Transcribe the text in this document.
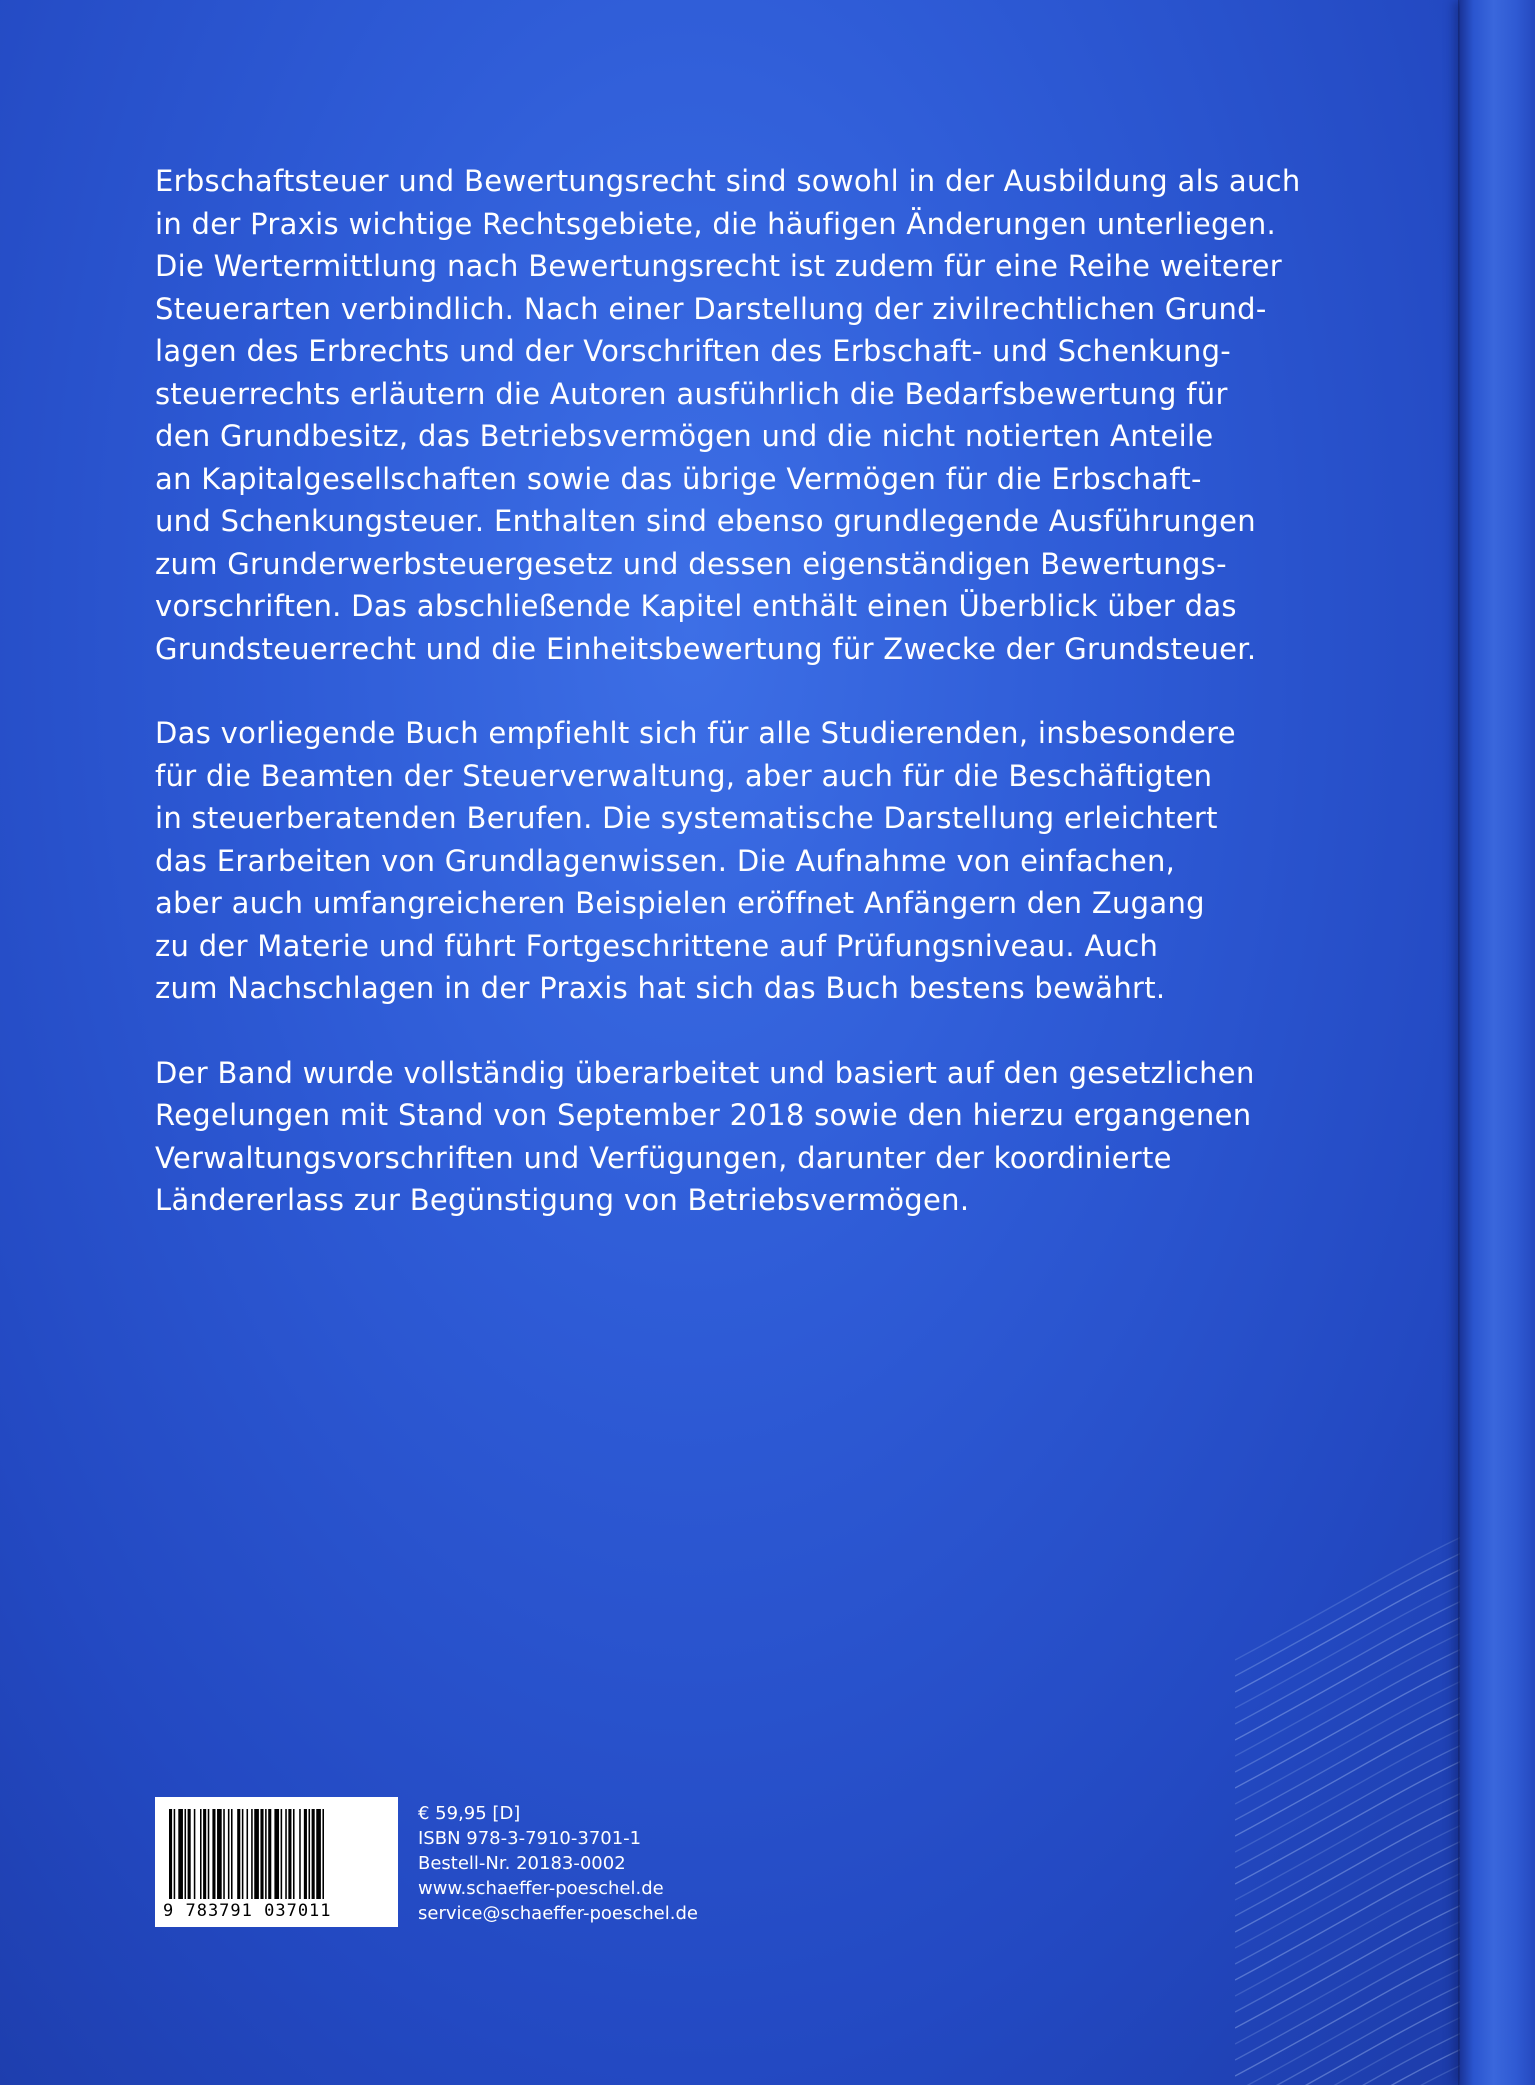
Erbschaftsteuer und Bewertungsrecht sind sowohl in der Ausbildung als auch
in der Praxis wichtige Rechtsgebiete, die häufigen Änderungen unterliegen.
Die Wertermittlung nach Bewertungsrecht ist zudem für eine Reihe weiterer
Steuerarten verbindlich. Nach einer Darstellung der zivilrechtlichen Grund-
lagen des Erbrechts und der Vorschriften des Erbschaft- und Schenkung-
steuerrechts erläutern die Autoren ausführlich die Bedarfsbewertung für
den Grundbesitz, das Betriebsvermögen und die nicht notierten Anteile
an Kapitalgesellschaften sowie das übrige Vermögen für die Erbschaft-
und Schenkungsteuer. Enthalten sind ebenso grundlegende Ausführungen
zum Grunderwerbsteuergesetz und dessen eigenständigen Bewertungs-
vorschriften. Das abschließende Kapitel enthält einen Überblick über das
Grundsteuerrecht und die Einheitsbewertung für Zwecke der Grundsteuer.

Das vorliegende Buch empfiehlt sich für alle Studierenden, insbesondere
für die Beamten der Steuerverwaltung, aber auch für die Beschäftigten
in steuerberatenden Berufen. Die systematische Darstellung erleichtert
das Erarbeiten von Grundlagenwissen. Die Aufnahme von einfachen,
aber auch umfangreicheren Beispielen eröffnet Anfängern den Zugang
zu der Materie und führt Fortgeschrittene auf Prüfungsniveau. Auch
zum Nachschlagen in der Praxis hat sich das Buch bestens bewährt.

Der Band wurde vollständig überarbeitet und basiert auf den gesetzlichen
Regelungen mit Stand von September 2018 sowie den hierzu ergangenen
Verwaltungsvorschriften und Verfügungen, darunter der koordinierte
Ländererlass zur Begünstigung von Betriebsvermögen.

9 783791 037011
€ 59,95 [D]
ISBN 978-3-7910-3701-1
Bestell-Nr. 20183-0002
www.schaeffer-poeschel.de
service@schaeffer-poeschel.de
